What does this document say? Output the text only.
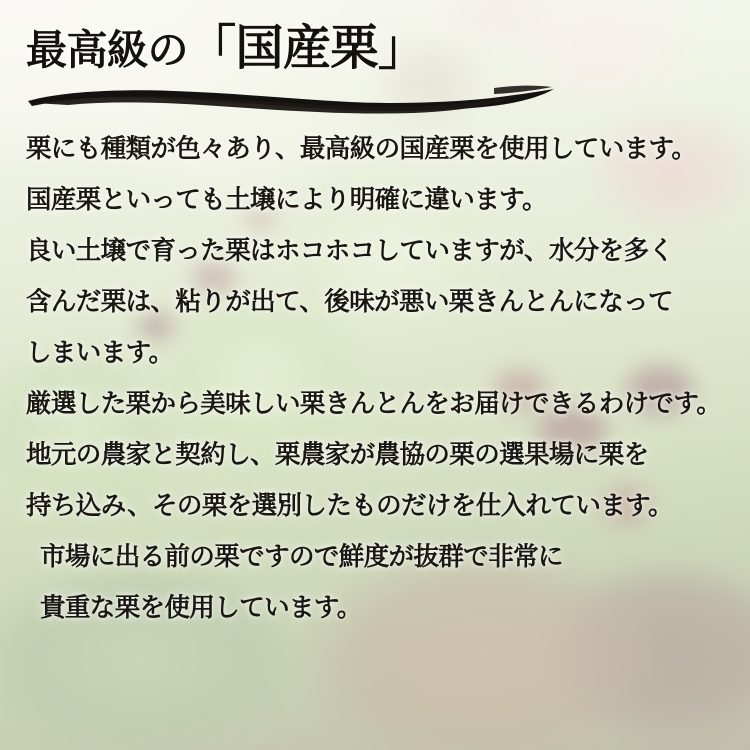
最高級の「国産栗」

栗にも種類が色々あり、最高級の国産栗を使用しています。

国産栗といっても土壌により明確に違います。

良い土壌で育った栗はホコホコしていますが、水分を多く

含んだ栗は、粘りが出て、後味が悪い栗きんとんになって

しまいます。

厳選した栗から美味しい栗きんとんをお届けできるわけです。

地元の農家と契約し、栗農家が農協の栗の選果場に栗を

持ち込み、その栗を選別したものだけを仕入れています。

市場に出る前の栗ですので鮮度が抜群で非常に

貴重な栗を使用しています。
